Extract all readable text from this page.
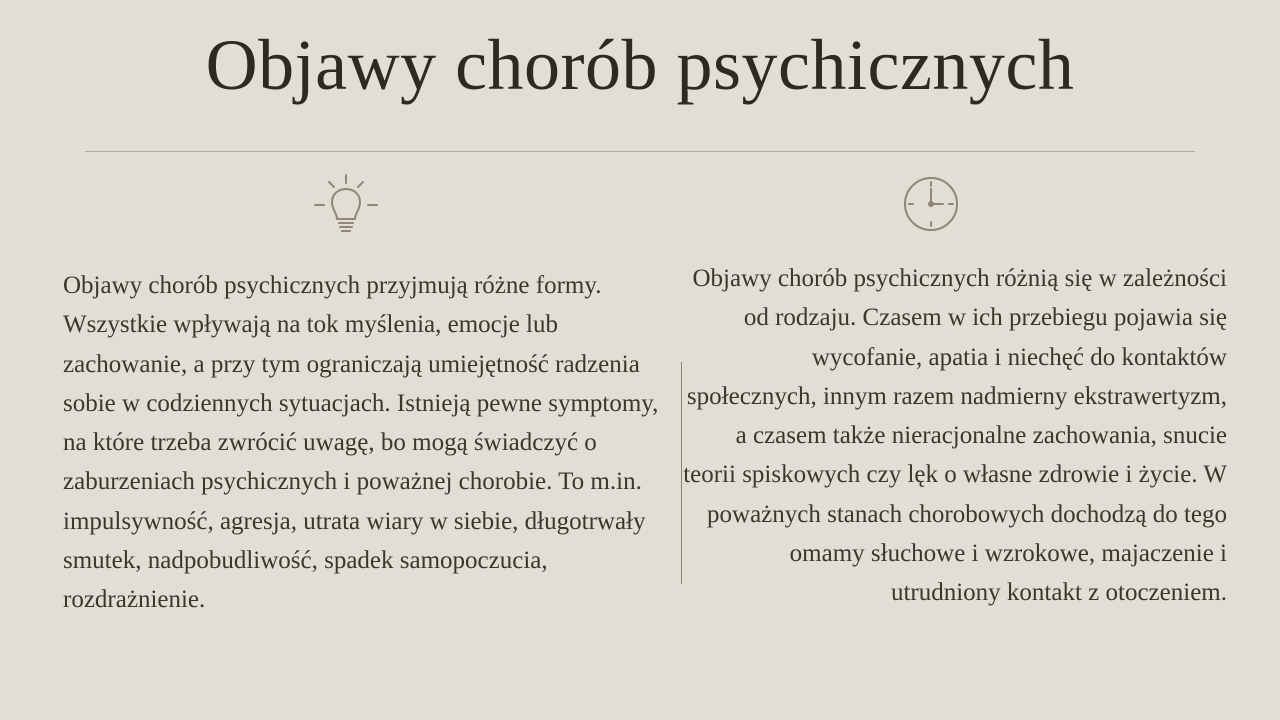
Objawy chorób psychicznych

Objawy chorób psychicznych przyjmują różne formy. Wszystkie wpływają na tok myślenia, emocje lub zachowanie, a przy tym ograniczają umiejętność radzenia sobie w codziennych sytuacjach. Istnieją pewne symptomy, na które trzeba zwrócić uwagę, bo mogą świadczyć o zaburzeniach psychicznych i poważnej chorobie. To m.in. impulsywność, agresja, utrata wiary w siebie, długotrwały smutek, nadpobudliwość, spadek samopoczucia, rozdrażnienie.

Objawy chorób psychicznych różnią się w zależności od rodzaju. Czasem w ich przebiegu pojawia się wycofanie, apatia i niechęć do kontaktów społecznych, innym razem nadmierny ekstrawertyzm, a czasem także nieracjonalne zachowania, snucie teorii spiskowych czy lęk o własne zdrowie i życie. W poważnych stanach chorobowych dochodzą do tego omamy słuchowe i wzrokowe, majaczenie i utrudniony kontakt z otoczeniem.
